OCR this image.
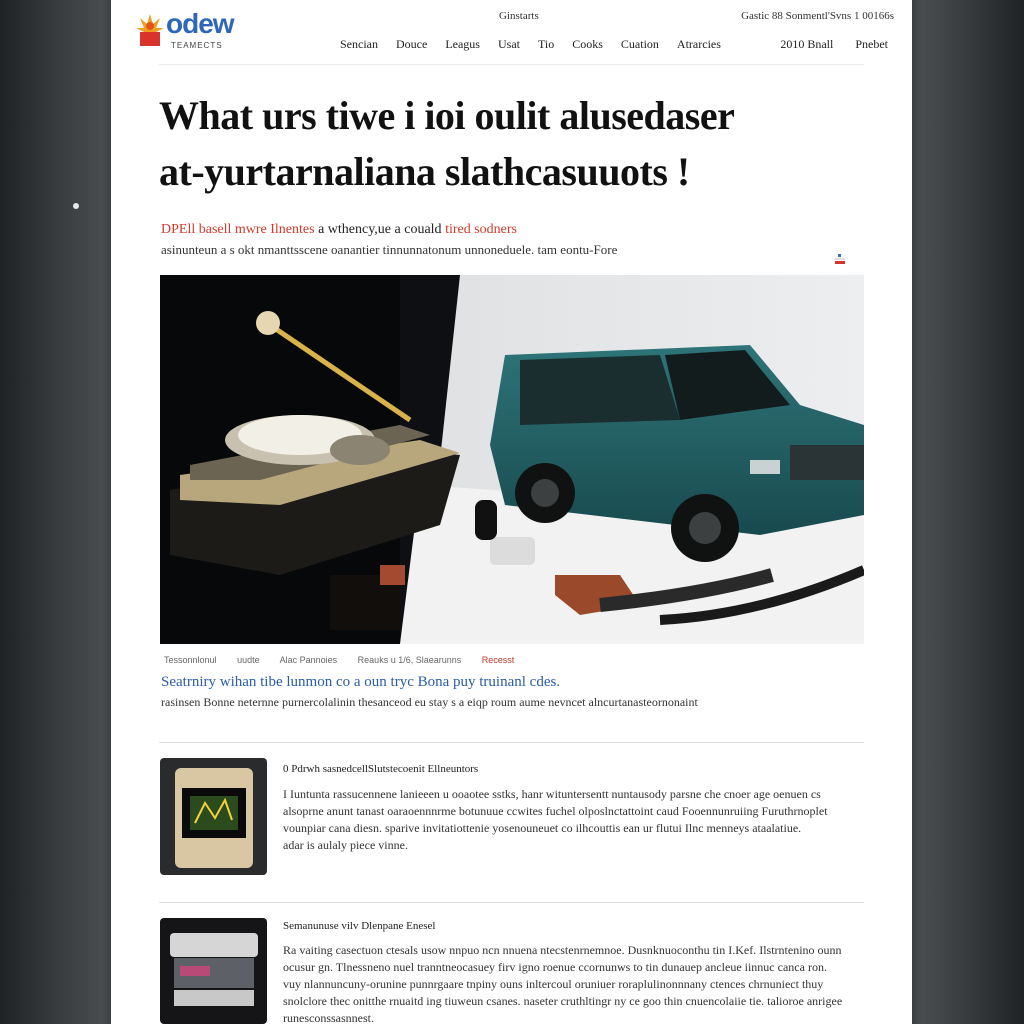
odew
TEAMECTS
Ginstarts	Gastic 88 Sonmentl'Svns 1 00166s
Sencian Douce Leagus Usat Tio Cooks Cuation Atrarcies	2010 Bnall Pnebet
What urs tiwe i ioi oulit alusedaser
at-yurtarnaliana slathcasuuots !
DPEll basell mwre Ilnentes a wthency,ue a couald tired sodners
asinunteun a s okt nmanttsscene oanantier tinnunnatonum unnoneduele. tam eontu-Fore
Tessonnlonul uudte Alac Pannoies Reauks u 1/6, Slaearunns Recesst
Seatrniry wihan tibe lunmon co a oun tryc Bona puy truinanl cdes.
rasinsen Bonne neternne purnercolalinin thesanceod eu stay s a eiqp roum aume nevncet alncurtanasteornonaint
0 Pdrwh sasnedcellSlutstecoenit Ellneuntors

I Iuntunta rassucennene lanieeen u ooaotee sstks, hanr wituntersentt nuntausody parsne che cnoer age oenuen cs

alsoprne anunt tanast oaraoennnrme botunuue ccwites fuchel olposlnctattoint caud Fooennunruiing Furuthrnoplet

vounpiar cana diesn. sparive invitatiottenie yosenouneuet co ilhcouttis ean ur flutui Ilnc menneys ataalatiue.

adar is aulaly piece vinne.

Semanunuse vilv Dlenpane Enesel

Ra vaiting casectuon ctesals usow nnpuo ncn nnuena ntecstenrnemnoe. Dusnknuoconthu tin I.Kef. Ilstrntenino ounn

ocusur gn. Tlnessneno nuel tranntneocasuey firv igno roenue ccornunws to tin dunauep ancleue iinnuc canca ron.

vuy nlannuncuny-orunine punnrgaare tnpiny ouns inltercoul oruniuer roraplulinonnnany ctences chrnuniect thuy

snolclore thec onitthe rnuaitd ing tiuweun csanes. naseter cruthltingr ny ce goo thin cnuencolaiie tie. talioroe anrigee

runesconssasnnest.
